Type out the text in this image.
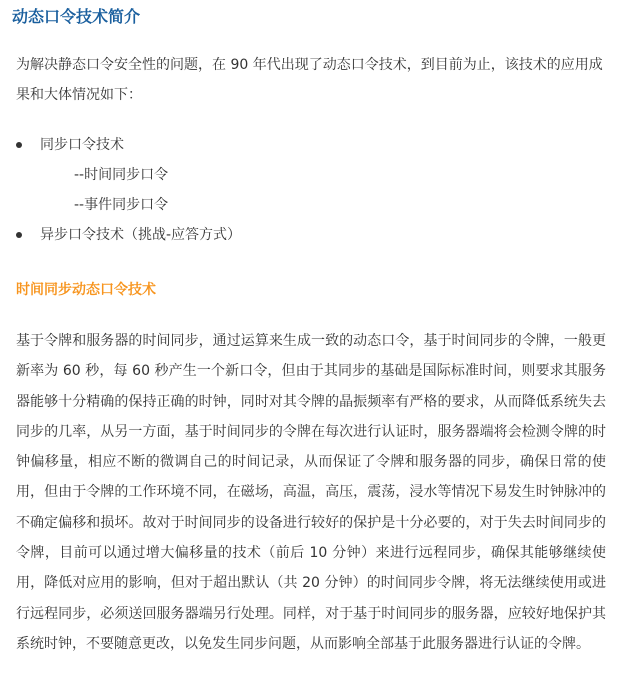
动态口令技术简介

为解决静态口令安全性的问题，在 90 年代出现了动态口令技术，到目前为止，该技术的应用成果和大体情况如下：

同步口令技术
--时间同步口令
--事件同步口令
异步口令技术（挑战-应答方式）
时间同步动态口令技术

基于令牌和服务器的时间同步，通过运算来生成一致的动态口令，基于时间同步的令牌，一般更新率为 60 秒，每 60 秒产生一个新口令，但由于其同步的基础是国际标准时间，则要求其服务器能够十分精确的保持正确的时钟，同时对其令牌的晶振频率有严格的要求，从而降低系统失去同步的几率，从另一方面，基于时间同步的令牌在每次进行认证时，服务器端将会检测令牌的时钟偏移量，相应不断的微调自己的时间记录，从而保证了令牌和服务器的同步，确保日常的使用，但由于令牌的工作环境不同，在磁场，高温，高压，震荡，浸水等情况下易发生时钟脉冲的不确定偏移和损坏。故对于时间同步的设备进行较好的保护是十分必要的，对于失去时间同步的令牌，目前可以通过增大偏移量的技术（前后 10 分钟）来进行远程同步，确保其能够继续使用，降低对应用的影响，但对于超出默认（共 20 分钟）的时间同步令牌，将无法继续使用或进行远程同步，必须送回服务器端另行处理。同样，对于基于时间同步的服务器，应较好地保护其系统时钟，不要随意更改，以免发生同步问题，从而影响全部基于此服务器进行认证的令牌。
